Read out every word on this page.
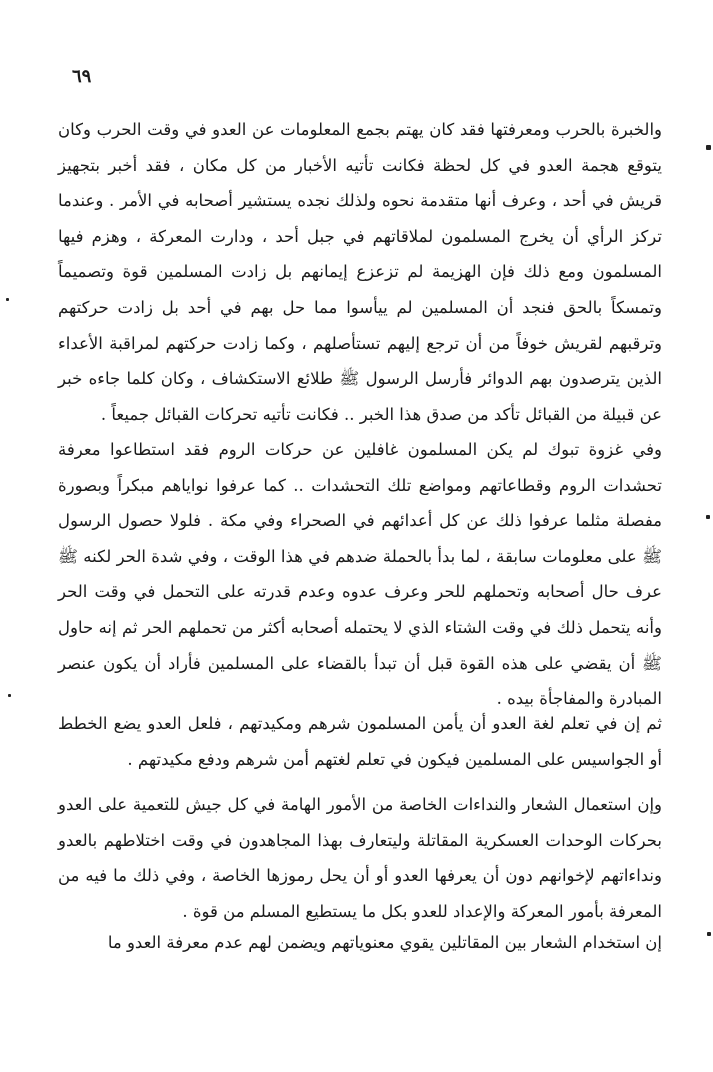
٦٩

والخبرة بالحرب ومعرفتها فقد كان يهتم بجمع المعلومات عن العدو في وقت الحرب وكان يتوقع هجمة العدو في كل لحظة فكانت تأتيه الأخبار من كل مكان ، فقد أخبر بتجهيز قريش في أحد ، وعرف أنها متقدمة نحوه ولذلك نجده يستشير أصحابه في الأمر . وعندما تركز الرأي أن يخرج المسلمون لملاقاتهم في جبل أحد ، ودارت المعركة ، وهزم فيها المسلمون ومع ذلك فإن الهزيمة لم تزعزع إيمانهم بل زادت المسلمين قوة وتصميماً وتمسكاً بالحق فنجد أن المسلمين لم ييأسوا مما حل بهم في أحد بل زادت حركتهم وترقبهم لقريش خوفاً من أن ترجع إليهم تستأصلهم ، وكما زادت حركتهم لمراقبة الأعداء الذين يترصدون بهم الدوائر فأرسل الرسول ﷺ طلائع الاستكشاف ، وكان كلما جاءه خبر عن قبيلة من القبائل تأكد من صدق هذا الخبر .. فكانت تأتيه تحركات القبائل جميعاً .

وفي غزوة تبوك لم يكن المسلمون غافلين عن حركات الروم فقد استطاعوا معرفة تحشدات الروم وقطاعاتهم ومواضع تلك التحشدات .. كما عرفوا نواياهم مبكراً وبصورة مفصلة مثلما عرفوا ذلك عن كل أعدائهم في الصحراء وفي مكة . فلولا حصول الرسول ﷺ على معلومات سابقة ، لما بدأ بالحملة ضدهم في هذا الوقت ، وفي شدة الحر لكنه ﷺ عرف حال أصحابه وتحملهم للحر وعرف عدوه وعدم قدرته على التحمل في وقت الحر وأنه يتحمل ذلك في وقت الشتاء الذي لا يحتمله أصحابه أكثر من تحملهم الحر ثم إنه حاول ﷺ أن يقضي على هذه القوة قبل أن تبدأ بالقضاء على المسلمين فأراد أن يكون عنصر المبادرة والمفاجأة بيده .

ثم إن في تعلم لغة العدو أن يأمن المسلمون شرهم ومكيدتهم ، فلعل العدو يضع الخطط أو الجواسيس على المسلمين فيكون في تعلم لغتهم أمن شرهم ودفع مكيدتهم .

وإن استعمال الشعار والنداءات الخاصة من الأمور الهامة في كل جيش للتعمية على العدو بحركات الوحدات العسكرية المقاتلة وليتعارف بهذا المجاهدون في وقت اختلاطهم بالعدو ونداءاتهم لإخوانهم دون أن يعرفها العدو أو أن يحل رموزها الخاصة ، وفي ذلك ما فيه من المعرفة بأمور المعركة والإعداد للعدو بكل ما يستطيع المسلم من قوة .

إن استخدام الشعار بين المقاتلين يقوي معنوياتهم ويضمن لهم عدم معرفة العدو ما
